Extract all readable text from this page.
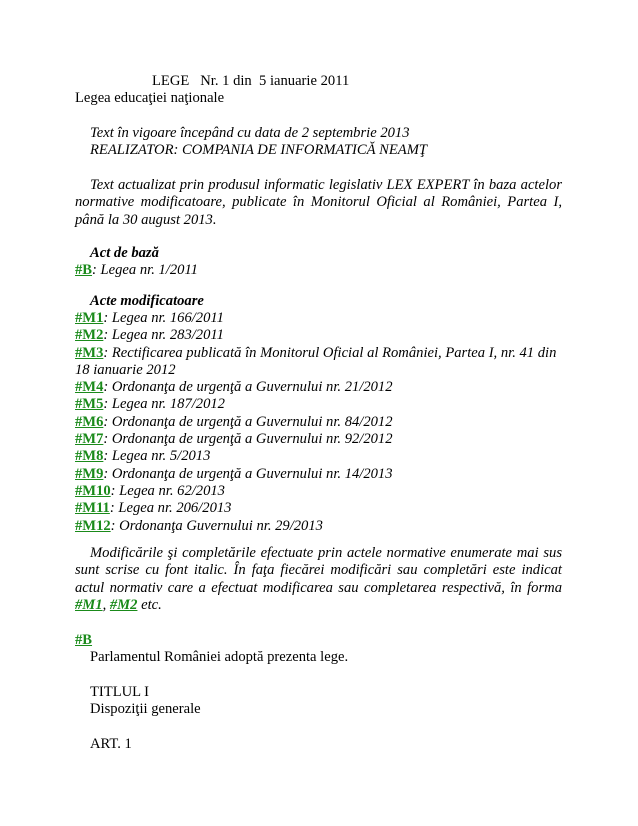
LEGE   Nr. 1 din  5 ianuarie 2011
Legea educaţiei naţionale
Text în vigoare începând cu data de 2 septembrie 2013
REALIZATOR: COMPANIA DE INFORMATICĂ NEAMŢ
Text actualizat prin produsul informatic legislativ LEX EXPERT în baza actelor normative modificatoare, publicate în Monitorul Oficial al României, Partea I, până la 30 august 2013.
Act de bază
#B: Legea nr. 1/2011
Acte modificatoare
#M1: Legea nr. 166/2011
#M2: Legea nr. 283/2011
#M3: Rectificarea publicată în Monitorul Oficial al României, Partea I, nr. 41 din 18 ianuarie 2012
#M4: Ordonanţa de urgenţă a Guvernului nr. 21/2012
#M5: Legea nr. 187/2012
#M6: Ordonanţa de urgenţă a Guvernului nr. 84/2012
#M7: Ordonanţa de urgenţă a Guvernului nr. 92/2012
#M8: Legea nr. 5/2013
#M9: Ordonanţa de urgenţă a Guvernului nr. 14/2013
#M10: Legea nr. 62/2013
#M11: Legea nr. 206/2013
#M12: Ordonanţa Guvernului nr. 29/2013
Modificările şi completările efectuate prin actele normative enumerate mai sus sunt scrise cu font italic. În faţa fiecărei modificări sau completări este indicat actul normativ care a efectuat modificarea sau completarea respectivă, în forma #M1, #M2 etc.
#B
Parlamentul României adoptă prezenta lege.
TITLUL I
Dispoziţii generale
ART. 1
